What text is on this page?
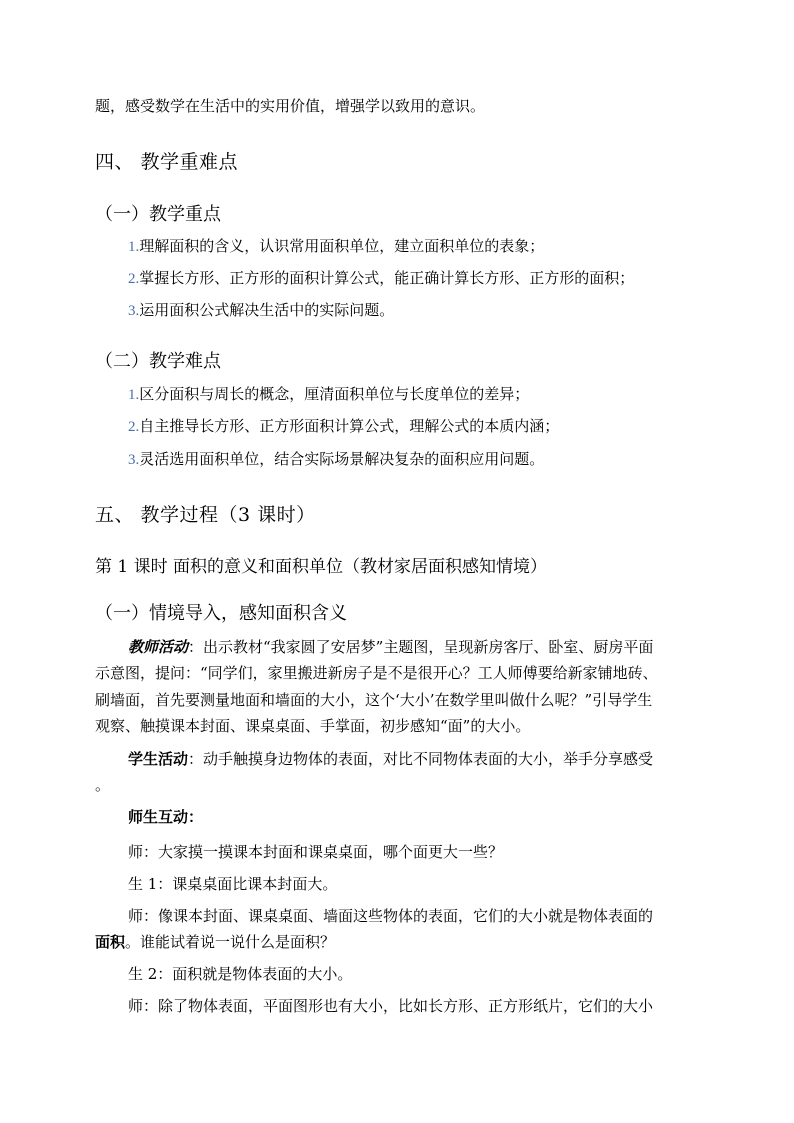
题，感受数学在生活中的实用价值，增强学以致用的意识。
四、 教学重难点
（一）教学重点
1.理解面积的含义，认识常用面积单位，建立面积单位的表象；
2.掌握长方形、正方形的面积计算公式，能正确计算长方形、正方形的面积；
3.运用面积公式解决生活中的实际问题。
（二）教学难点
1.区分面积与周长的概念，厘清面积单位与长度单位的差异；
2.自主推导长方形、正方形面积计算公式，理解公式的本质内涵；
3.灵活选用面积单位，结合实际场景解决复杂的面积应用问题。
五、 教学过程（3 课时）
第 1 课时 面积的意义和面积单位（教材家居面积感知情境）
（一）情境导入，感知面积含义
教师活动：出示教材“我家圆了安居梦”主题图，呈现新房客厅、卧室、厨房平面
示意图，提问：“同学们，家里搬进新房子是不是很开心？工人师傅要给新家铺地砖、
刷墙面，首先要测量地面和墙面的大小，这个‘大小’在数学里叫做什么呢？”引导学生
观察、触摸课本封面、课桌桌面、手掌面，初步感知“面”的大小。
学生活动：动手触摸身边物体的表面，对比不同物体表面的大小，举手分享感受
。
师生互动：
师：大家摸一摸课本封面和课桌桌面，哪个面更大一些？
生 1：课桌桌面比课本封面大。
师：像课本封面、课桌桌面、墙面这些物体的表面，它们的大小就是物体表面的
面积。谁能试着说一说什么是面积？
生 2：面积就是物体表面的大小。
师：除了物体表面，平面图形也有大小，比如长方形、正方形纸片，它们的大小
